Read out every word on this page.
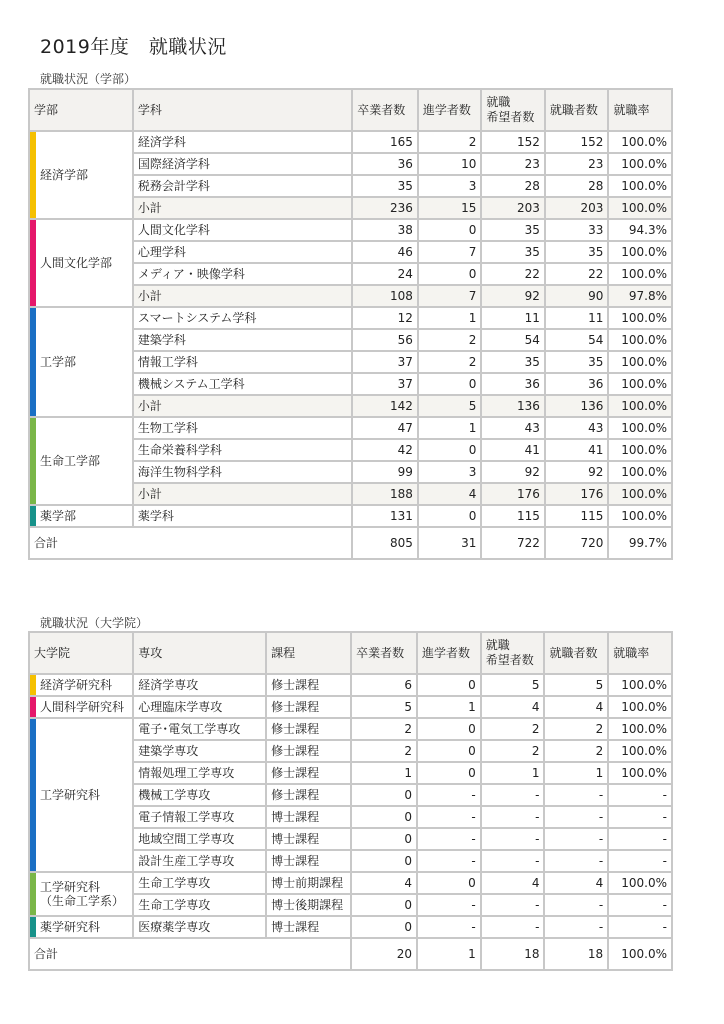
2019年度　就職状況
就職状況（学部）
学部	学科	卒業者数	進学者数	就職
希望者数	就職者数	就職率

経済学部	経済学科	165	2	152	152	100.0%
	国際経済学科	36	10	23	23	100.0%
	税務会計学科	35	3	28	28	100.0%
	小計	236	15	203	203	100.0%

人間文化学部	人間文化学科	38	0	35	33	94.3%
	心理学科	46	7	35	35	100.0%
	メディア・映像学科	24	0	22	22	100.0%
	小計	108	7	92	90	97.8%

工学部	スマートシステム学科	12	1	11	11	100.0%
	建築学科	56	2	54	54	100.0%
	情報工学科	37	2	35	35	100.0%
	機械システム工学科	37	0	36	36	100.0%
	小計	142	5	136	136	100.0%

生命工学部	生物工学科	47	1	43	43	100.0%
	生命栄養科学科	42	0	41	41	100.0%
	海洋生物科学科	99	3	92	92	100.0%
	小計	188	4	176	176	100.0%

薬学部	薬学科	131	0	115	115	100.0%
合計		805	31	722	720	99.7%
就職状況（大学院）
大学院	専攻	課程	卒業者数	進学者数	就職
希望者数	就職者数	就職率

経済学研究科	経済学専攻	修士課程	6	0	5	5	100.0%

人間科学研究科	心理臨床学専攻	修士課程	5	1	4	4	100.0%

工学研究科	電子･電気工学専攻	修士課程	2	0	2	2	100.0%
	建築学専攻	修士課程	2	0	2	2	100.0%
	情報処理工学専攻	修士課程	1	0	1	1	100.0%
	機械工学専攻	修士課程	0	-	-	-	-
	電子情報工学専攻	博士課程	0	-	-	-	-
	地域空間工学専攻	博士課程	0	-	-	-	-
	設計生産工学専攻	博士課程	0	-	-	-	-

工学研究科
（生命工学系）	生命工学専攻	博士前期課程	4	0	4	4	100.0%
	生命工学専攻	博士後期課程	0	-	-	-	-

薬学研究科	医療薬学専攻	博士課程	0	-	-	-	-
合計			20	1	18	18	100.0%
